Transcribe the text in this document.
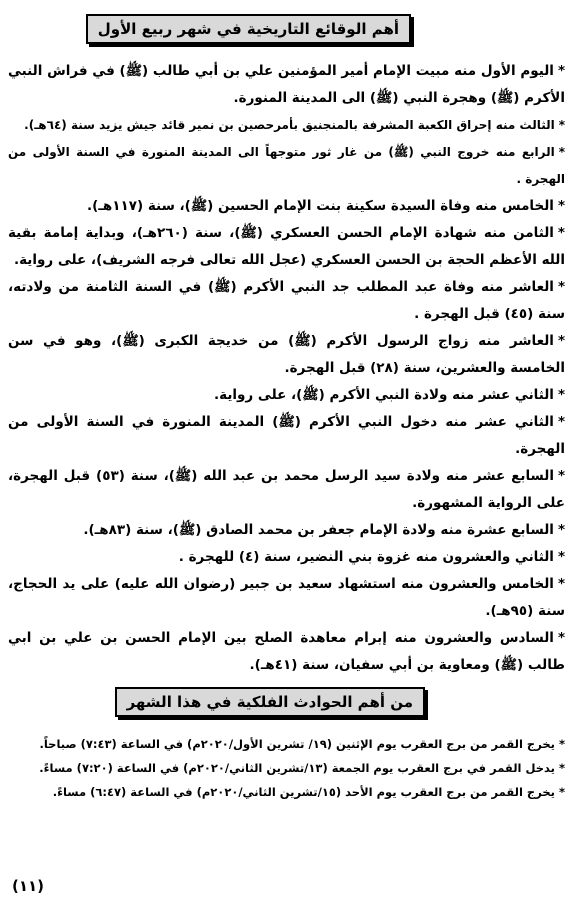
أهم الوقائع التاريخية في شهر ربيع الأول
*اليوم الأول منه مبيت الإمام أمير المؤمنين علي بن أبي طالب (ﷺ) في فراش النبي الأكرم (ﷺ) وهجرة النبي (ﷺ) الى المدينة المنورة.
*الثالث منه إحراق الكعبة المشرفة بالمنجنيق بأمرحصين بن نمير قائد جيش يزيد سنة (٦٤هـ).
*الرابع منه خروج النبي (ﷺ) من غار ثور متوجهاً الى المدينة المنورة في السنة الأولى من الهجرة .
*الخامس منه وفاة السيدة سكينة بنت الإمام الحسين (ﷺ)، سنة (١١٧هـ).
*الثامن منه شهادة الإمام الحسن العسكري (ﷺ)، سنة (٢٦٠هـ)، وبداية إمامة بقية الله الأعظم الحجة بن الحسن العسكري (عجل الله تعالى فرجه الشريف)، على رواية.
*العاشر منه وفاة عبد المطلب جد النبي الأكرم (ﷺ) في السنة الثامنة من ولادته، سنة (٤٥) قبل الهجرة .
*العاشر منه زواج الرسول الأكرم (ﷺ) من خديجة الكبرى (ﷺ)، وهو في سن الخامسة والعشرين، سنة (٢٨) قبل الهجرة.
*الثاني عشر منه ولادة النبي الأكرم (ﷺ)، على رواية.
*الثاني عشر منه دخول النبي الأكرم (ﷺ) المدينة المنورة في السنة الأولى من الهجرة.
*السابع عشر منه ولادة سيد الرسل محمد بن عبد الله (ﷺ)، سنة (٥٣) قبل الهجرة، على الرواية المشهورة.
*السابع عشرة منه ولادة الإمام جعفر بن محمد الصادق (ﷺ)، سنة (٨٣هـ).
*الثاني والعشرون منه غزوة بني النضير، سنة (٤) للهجرة .
*الخامس والعشرون منه استشهاد سعيد بن جبير (رضوان الله عليه) على يد الحجاج، سنة (٩٥هـ).
*السادس والعشرون منه إبرام معاهدة الصلح بين الإمام الحسن بن علي بن ابي طالب (ﷺ) ومعاوية بن أبي سفيان، سنة (٤١هـ).
من أهم الحوادث الفلكية في هذا الشهر
*يخرج القمر من برج العقرب يوم الإثنين (١٩/ تشرين الأول/٢٠٢٠م) في الساعة (٧:٤٣) صباحاً.
*يدخل القمر في برج العقرب يوم الجمعة (١٣/تشرين الثاني/٢٠٢٠م) في الساعة (٧:٢٠) مساءً.
*يخرج القمر من برج العقرب يوم الأحد (١٥/تشرين الثاني/٢٠٢٠م) في الساعة (٦:٤٧) مساءً.
(١١)
